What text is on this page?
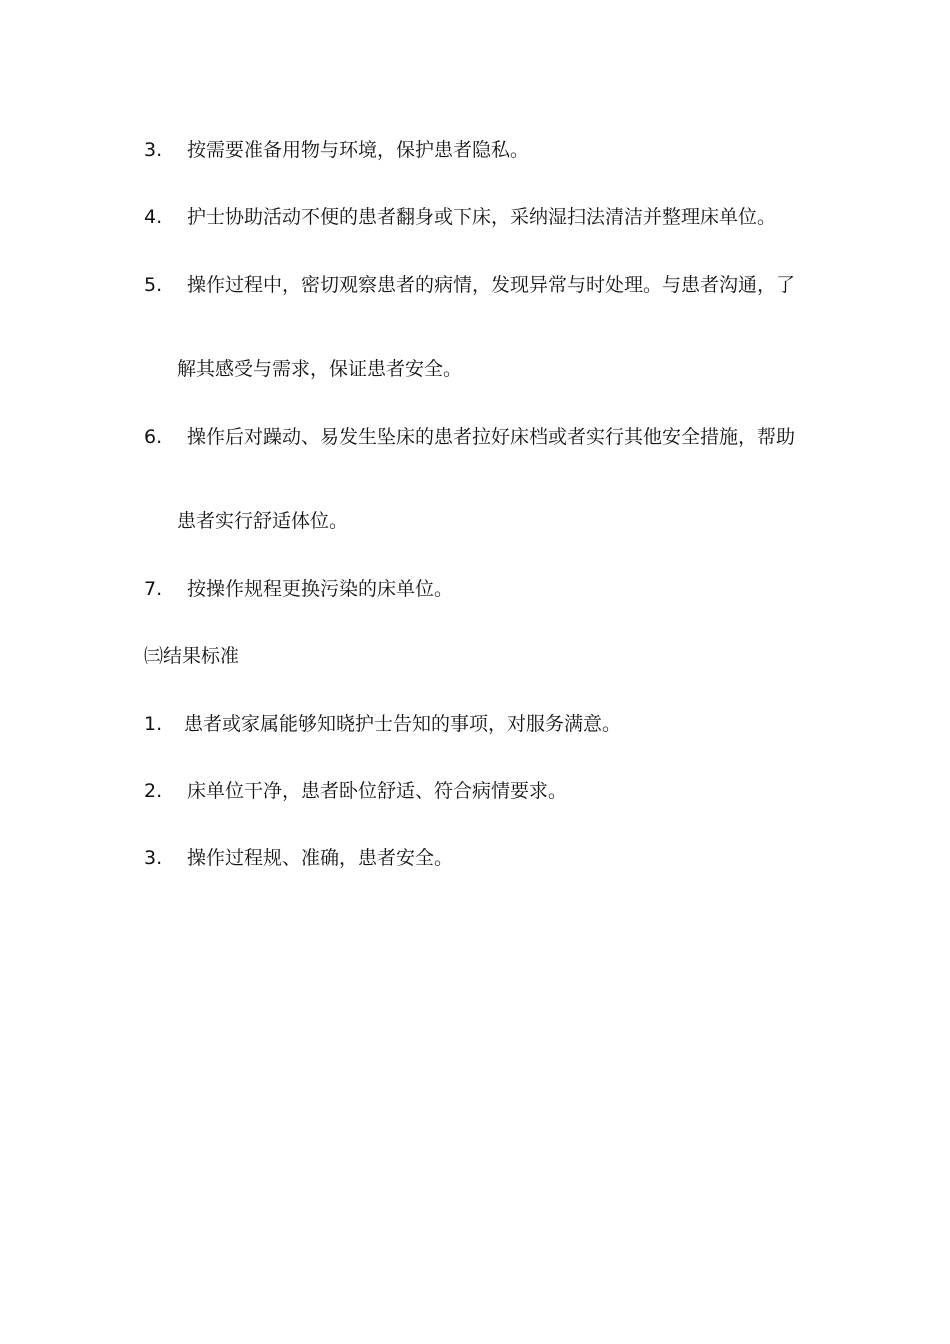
3. 按需要准备用物与环境，保护患者隐私。
4. 护士协助活动不便的患者翻身或下床，采纳湿扫法清洁并整理床单位。
5. 操作过程中，密切观察患者的病情，发现异常与时处理。与患者沟通，了
解其感受与需求，保证患者安全。
6. 操作后对躁动、易发生坠床的患者拉好床档或者实行其他安全措施，帮助
患者实行舒适体位。
7. 按操作规程更换污染的床单位。
㈢结果标准
1. 患者或家属能够知晓护士告知的事项，对服务满意。
2. 床单位干净，患者卧位舒适、符合病情要求。
3. 操作过程规、准确，患者安全。
